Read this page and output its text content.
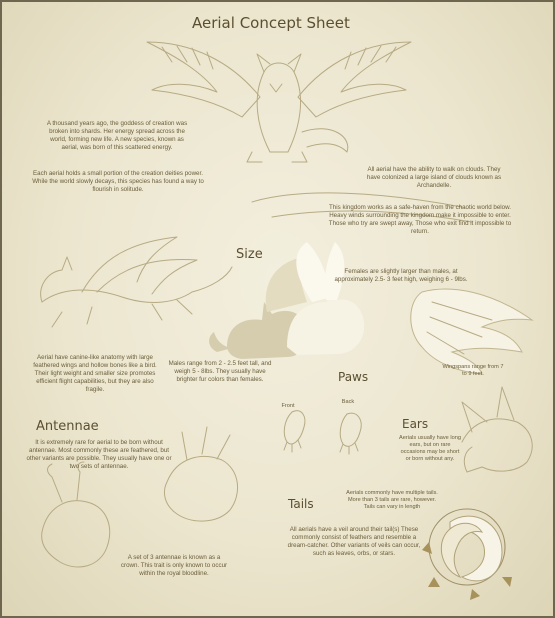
Aerial Concept Sheet
A thousand years ago, the goddess of creation was broken into shards. Her energy spread across the world, forming new life. A new species, known as aerial, was born of this scattered energy.
Each aerial holds a small portion of the creation deities power. While the world slowly decays, this species has found a way to flourish in solitude.
All aerial have the ability to walk on clouds. They have colonized a large island of clouds known as Archandelle.
This kingdom works as a safe-haven from the chaotic world below. Heavy winds surrounding the kingdom make it impossible to enter. Those who try are swept away, Those who exit find it impossible to return.
Size
Females are slightly larger than males, at approximately 2.5- 3 feet high, weighing 6 - 9lbs.
Aerial have canine-like anatomy with large feathered wings and hollow bones like a bird. Their light weight and smaller size promotes efficient flight capabilities, but they are also fragile.
Males range from 2 - 2.5 feet tall, and weigh 5 - 8lbs. They usually have brighter fur colors than females.
Wingspans range from 7 to 9 feet.
Paws
Front
Back
Ears
Aerials usually have long ears, but on rare occasions may be short or born without any.
Antennae
It is extremely rare for aerial to be born without antennae. Most commonly these are feathered, but other variants are possible. They usually have one or two sets of antennae.
A set of 3 antennae is known as a crown. This trait is only known to occur within the royal bloodline.
Tails
Aerials commonly have multiple tails. More than 3 tails are rare, however. Tails can vary in length
All aerials have a veil around their tail(s) These commonly consist of feathers and resemble a dream-catcher. Other variants of veils can occur, such as leaves, orbs, or stars.
